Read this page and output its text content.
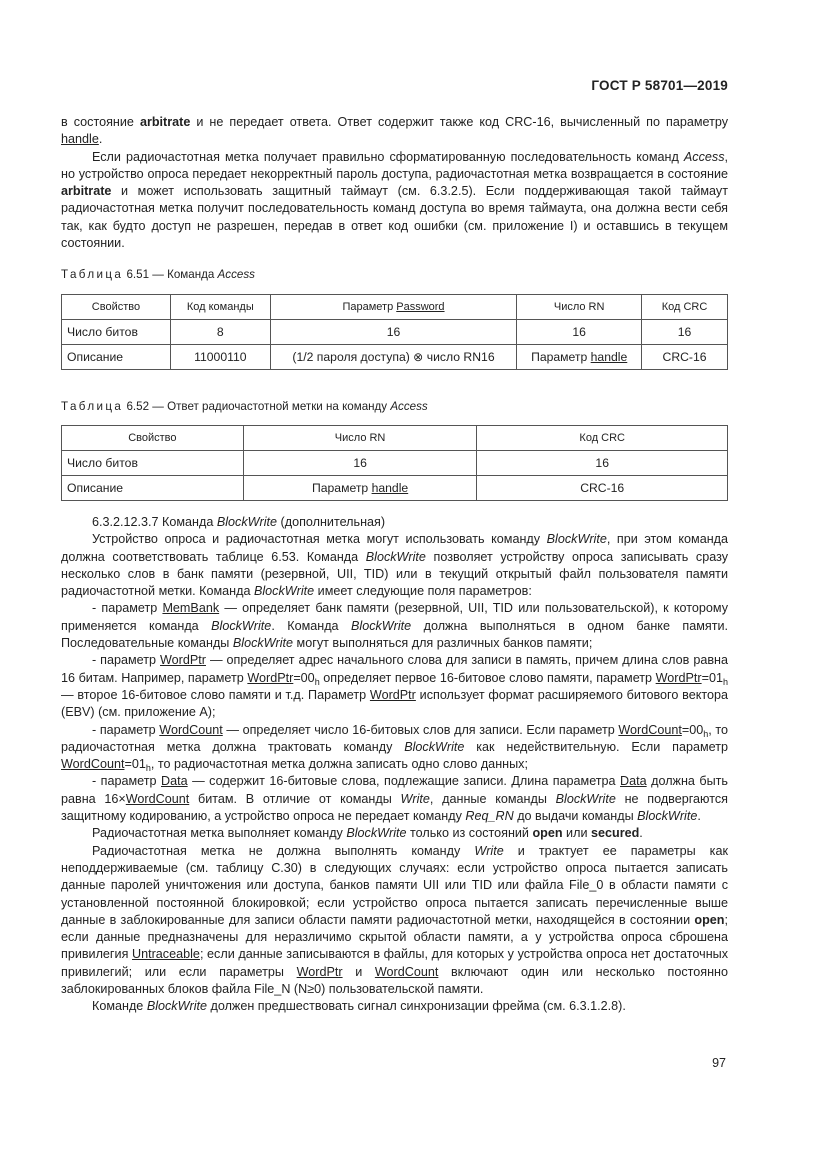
ГОСТ Р 58701—2019

в состояние arbitrate и не передает ответа. Ответ содержит также код CRC-16, вычисленный по параметру handle.

Если радиочастотная метка получает правильно сформатированную последовательность команд Access, но устройство опроса передает некорректный пароль доступа, радиочастотная метка возвращается в состояние arbitrate и может использовать защитный таймаут (см. 6.3.2.5). Если поддерживающая такой таймаут радиочастотная метка получит последовательность команд доступа во время таймаута, она должна вести себя так, как будто доступ не разрешен, передав в ответ код ошибки (см. приложение I) и оставшись в текущем состоянии.

Таблица 6.51 — Команда Access
Свойство	Код команды	Параметр Password	Число RN	Код CRC
Число битов	8	16	16	16
Описание	11000110	(1/2 пароля доступа) ⊗ число RN16	Параметр handle	CRC-16
Таблица 6.52 — Ответ радиочастотной метки на команду Access
Свойство	Число RN	Код CRC
Число битов	16	16
Описание	Параметр handle	CRC-16

6.3.2.12.3.7 Команда BlockWrite (дополнительная)

Устройство опроса и радиочастотная метка могут использовать команду BlockWrite, при этом команда должна соответствовать таблице 6.53. Команда BlockWrite позволяет устройству опроса записывать сразу несколько слов в банк памяти (резервной, UII, TID) или в текущий открытый файл пользователя памяти радиочастотной метки. Команда BlockWrite имеет следующие поля параметров:

- параметр MemBank — определяет банк памяти (резервной, UII, TID или пользовательской), к которому применяется команда BlockWrite. Команда BlockWrite должна выполняться в одном банке памяти. Последовательные команды BlockWrite могут выполняться для различных банков памяти;

- параметр WordPtr — определяет адрес начального слова для записи в память, причем длина слов равна 16 битам. Например, параметр $WordPtr=00_h$ определяет первое 16-битовое слово памяти, параметр $WordPtr=01_h$ — второе 16-битовое слово памяти и т.д. Параметр WordPtr использует формат расширяемого битового вектора (EBV) (см. приложение А);

- параметр WordCount — определяет число 16-битовых слов для записи. Если параметр $WordCount=00_h$, то радиочастотная метка должна трактовать команду BlockWrite как недействительную. Если параметр $WordCount=01_h$, то радиочастотная метка должна записать одно слово данных;

- параметр Data — содержит 16-битовые слова, подлежащие записи. Длина параметра Data должна быть равна 16×WordCount битам. В отличие от команды Write, данные команды BlockWrite не подвергаются защитному кодированию, а устройство опроса не передает команду Req_RN до выдачи команды BlockWrite.

Радиочастотная метка выполняет команду BlockWrite только из состояний open или secured.

Радиочастотная метка не должна выполнять команду Write и трактует ее параметры как неподдерживаемые (см. таблицу С.30) в следующих случаях: если устройство опроса пытается записать данные паролей уничтожения или доступа, банков памяти UII или TID или файла File_0 в области памяти с установленной постоянной блокировкой; если устройство опроса пытается записать перечисленные выше данные в заблокированные для записи области памяти радиочастотной метки, находящейся в состоянии open; если данные предназначены для неразличимо скрытой области памяти, а у устройства опроса сброшена привилегия Untraceable; если данные записываются в файлы, для которых у устройства опроса нет достаточных привилегий; или если параметры WordPtr и WordCount включают один или несколько постоянно заблокированных блоков файла File_N (N≥0) пользовательской памяти.

Команде BlockWrite должен предшествовать сигнал синхронизации фрейма (см. 6.3.1.2.8).

97
